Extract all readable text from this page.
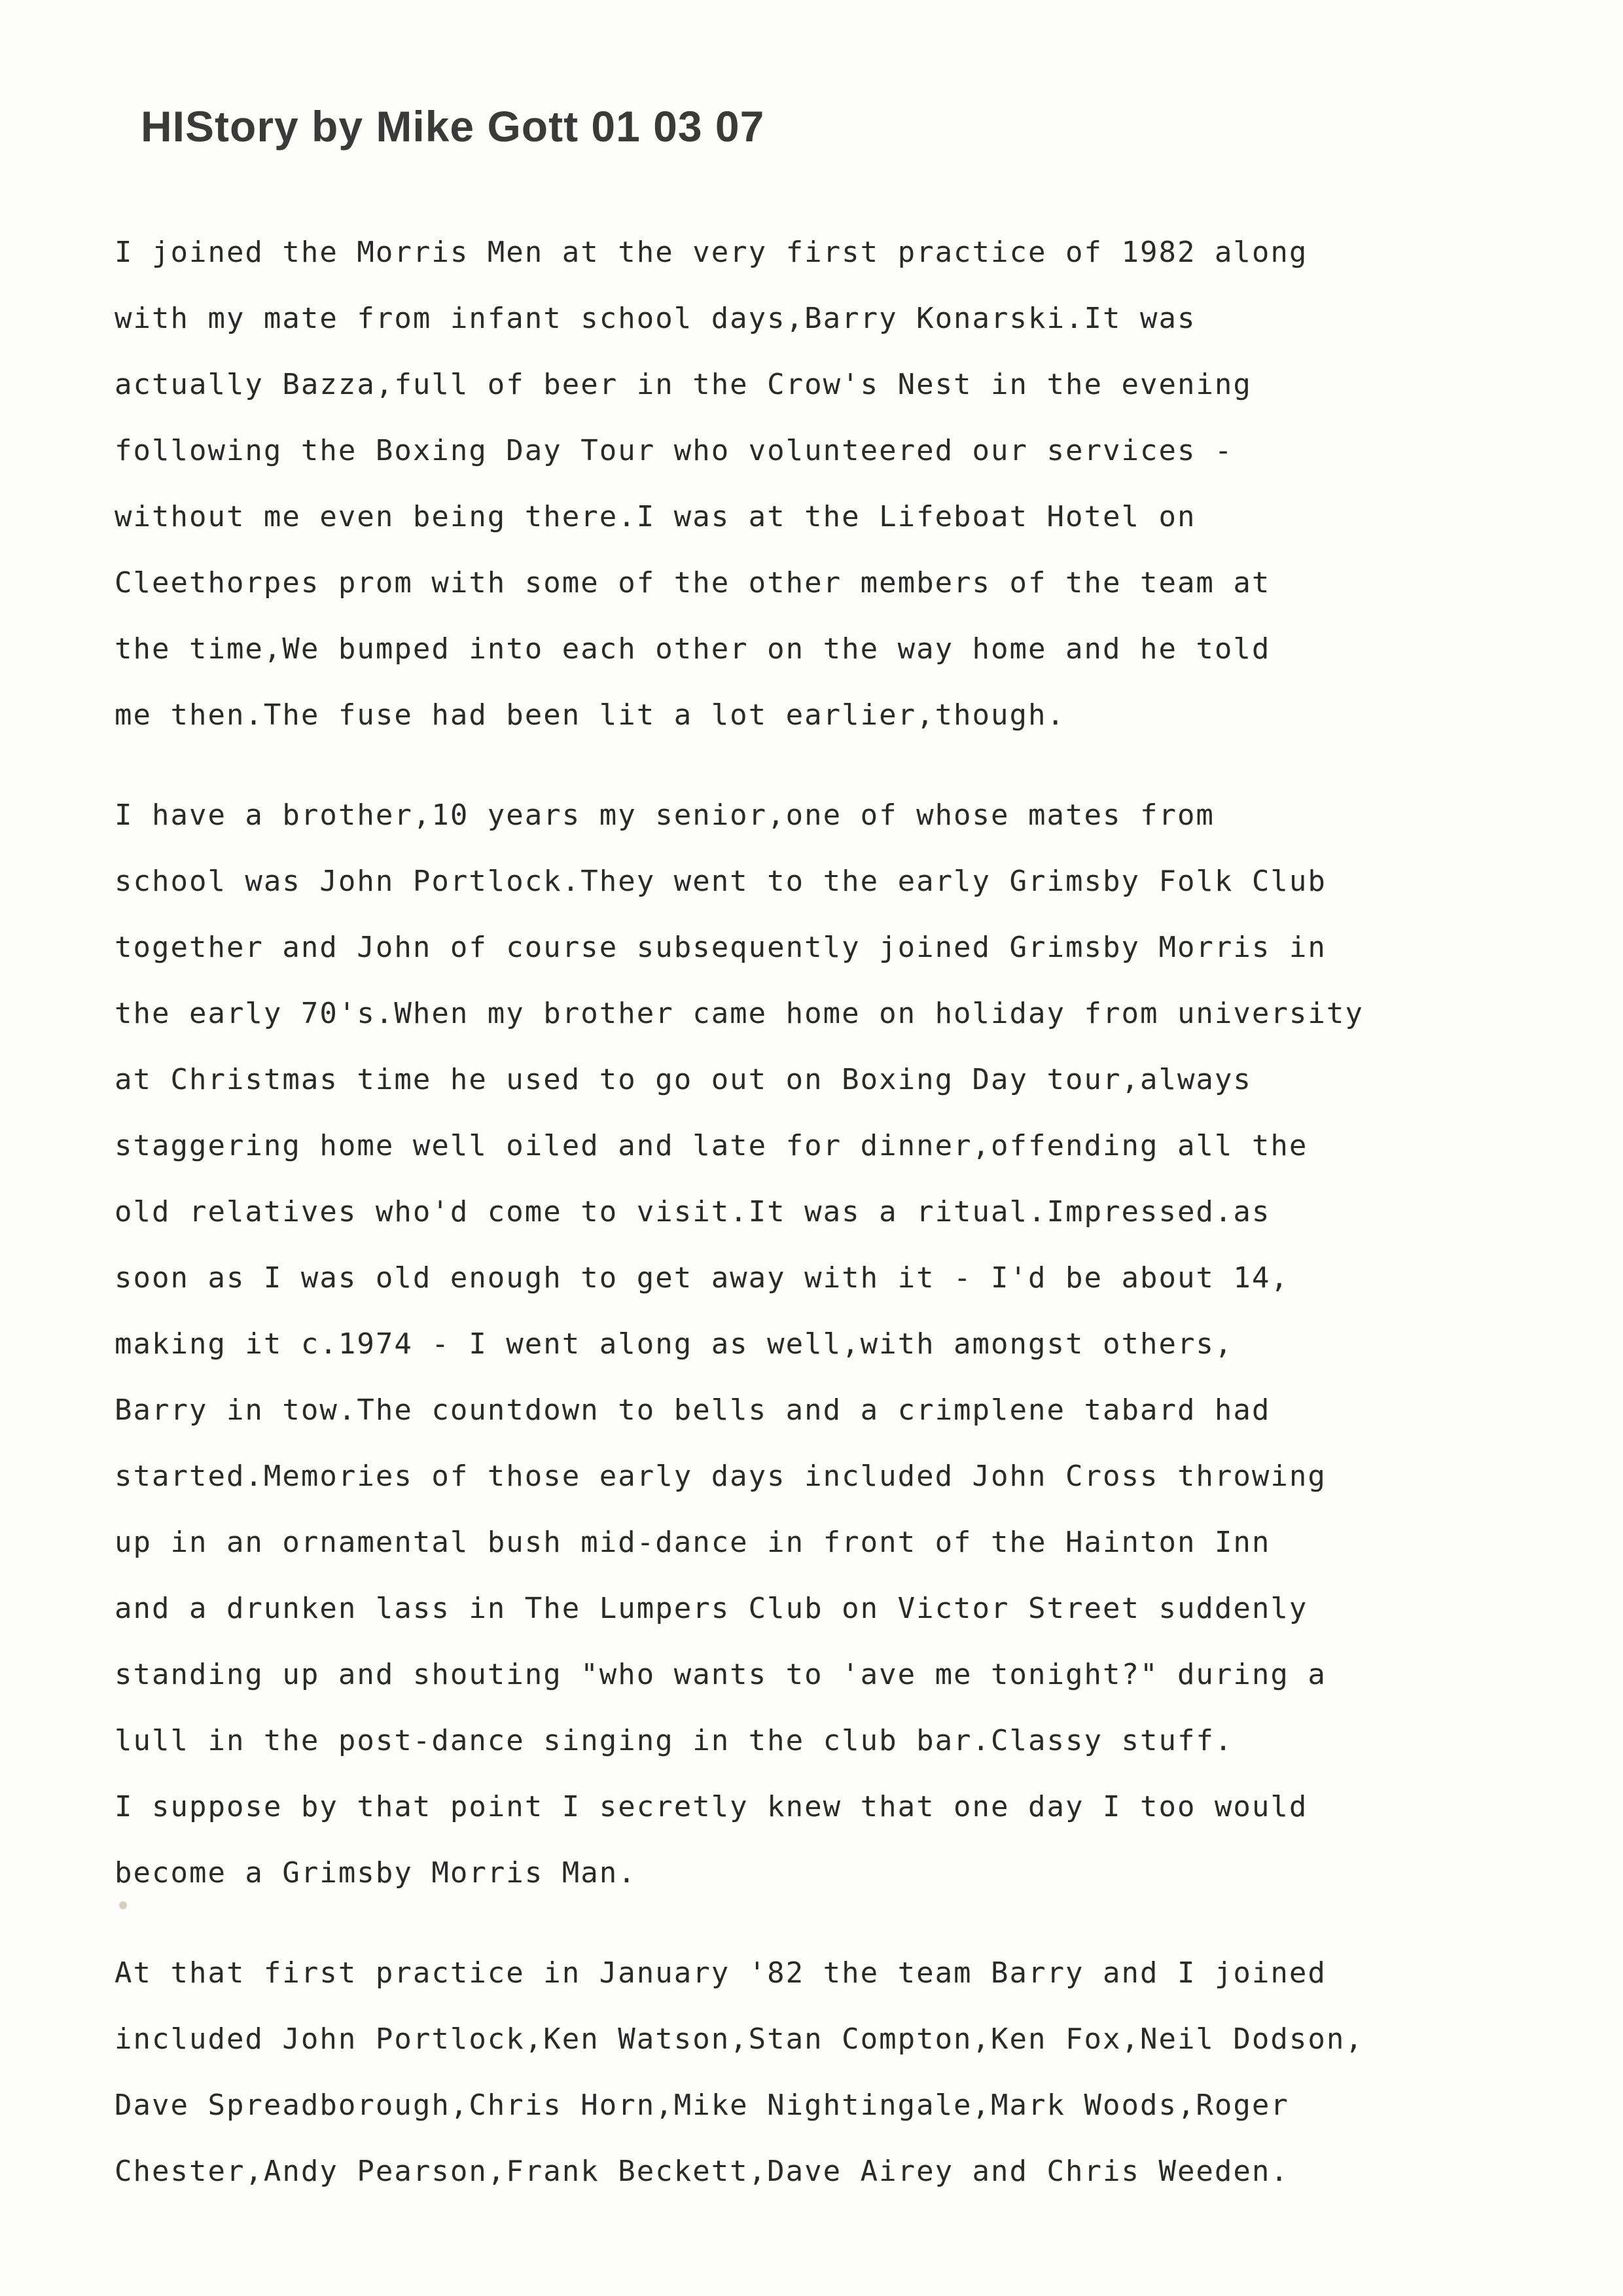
HIStory by Mike Gott 01 03 07
I joined the Morris Men at the very first practice of 1982 along
with my mate from infant school days,Barry Konarski.It was
actually Bazza,full of beer in the Crow's Nest in the evening
following the Boxing Day Tour who volunteered our services -
without me even being there.I was at the Lifeboat Hotel on
Cleethorpes prom with some of the other members of the team at
the time,We bumped into each other on the way home and he told
me then.The fuse had been lit a lot earlier,though.
I have a brother,10 years my senior,one of whose mates from
school was John Portlock.They went to the early Grimsby Folk Club
together and John of course subsequently joined Grimsby Morris in
the early 70's.When my brother came home on holiday from university
at Christmas time he used to go out on Boxing Day tour,always
staggering home well oiled and late for dinner,offending all the
old relatives who'd come to visit.It was a ritual.Impressed.as
soon as I was old enough to get away with it - I'd be about 14,
making it c.1974 - I went along as well,with amongst others,
Barry in tow.The countdown to bells and a crimplene tabard had
started.Memories of those early days included John Cross throwing
up in an ornamental bush mid-dance in front of the Hainton Inn
and a drunken lass in The Lumpers Club on Victor Street suddenly
standing up and shouting "who wants to 'ave me tonight?" during a
lull in the post-dance singing in the club bar.Classy stuff.
I suppose by that point I secretly knew that one day I too would
become a Grimsby Morris Man.
At that first practice in January '82 the team Barry and I joined
included John Portlock,Ken Watson,Stan Compton,Ken Fox,Neil Dodson,
Dave Spreadborough,Chris Horn,Mike Nightingale,Mark Woods,Roger
Chester,Andy Pearson,Frank Beckett,Dave Airey and Chris Weeden.
